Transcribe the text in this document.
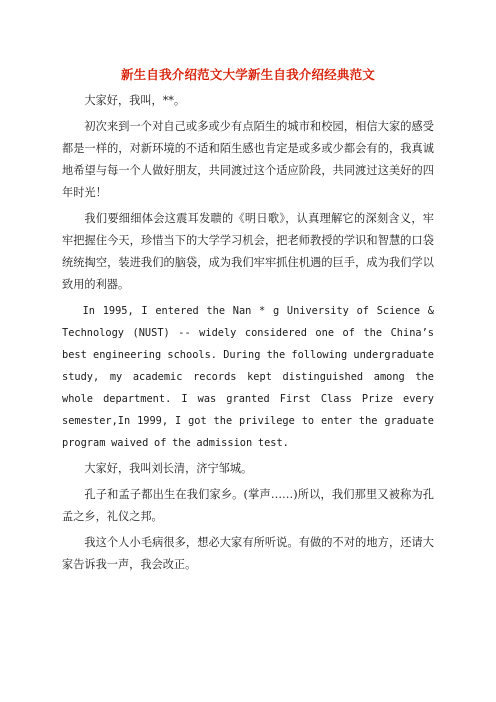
新生自我介绍范文大学新生自我介绍经典范文

大家好，我叫，**。

初次来到一个对自己或多或少有点陌生的城市和校园，相信大家的感受都是一样的，对新环境的不适和陌生感也肯定是或多或少都会有的，我真诚地希望与每一个人做好朋友，共同渡过这个适应阶段，共同渡过这美好的四年时光！

我们要细细体会这震耳发聩的《明日歌》，认真理解它的深刻含义，牢牢把握住今天，珍惜当下的大学学习机会，把老师教授的学识和智慧的口袋统统掏空，装进我们的脑袋，成为我们牢牢抓住机遇的巨手，成为我们学以致用的利器。

In 1995, I entered the Nan * g University of Science & Technology (NUST) -- widely considered one of the China’s best engineering schools. During the following undergraduate study, my academic records kept distinguished among the whole department. I was granted First Class Prize every semester,In 1999, I got the privilege to enter the graduate program waived of the admission test.

大家好，我叫刘长清，济宁邹城。

孔子和孟子都出生在我们家乡。(掌声……)所以，我们那里又被称为孔孟之乡，礼仪之邦。

我这个人小毛病很多，想必大家有所听说。有做的不对的地方，还请大家告诉我一声，我会改正。
